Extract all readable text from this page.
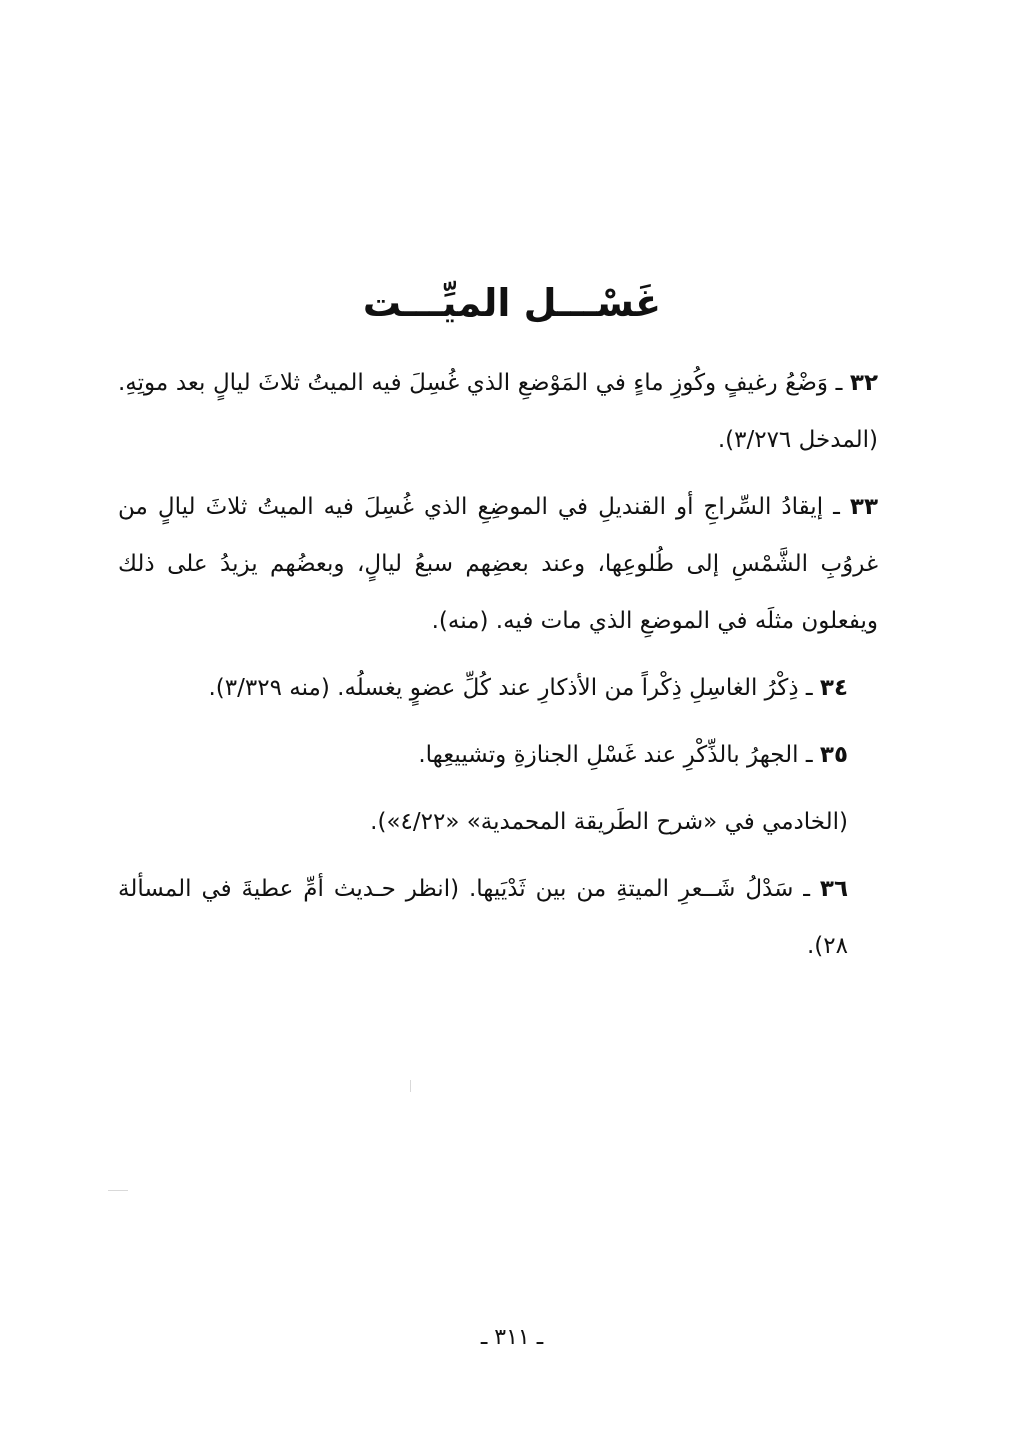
غَسْـــل الميِّـــت

٣٢ ـ وَضْعُ رغيفٍ وكُوزِ ماءٍ في المَوْضعِ الذي غُسِلَ فيه الميتُ ثلاثَ ليالٍ بعد موتِهِ. (المدخل ٣/٢٧٦).

٣٣ ـ إيقادُ السِّراجِ أو القنديلِ في الموضِعِ الذي غُسِلَ فيه الميتُ ثلاثَ ليالٍ من غروُبِ الشَّمْسِ إلى طُلوعِها، وعند بعضِهم سبعُ ليالٍ، وبعضُهم يزيدُ على ذلك ويفعلون مثلَه في الموضعِ الذي مات فيه. (منه).

٣٤ ـ ذِكْرُ الغاسِلِ ذِكْراً من الأذكارِ عند كُلِّ عضوٍ يغسلُه. (منه ٣/٣٢٩).

٣٥ ـ الجهرُ بالذِّكْرِ عند غَسْلِ الجنازةِ وتشييعِها.

(الخادمي في «شرح الطَريقة المحمدية» «٤/٢٢»).

٣٦ ـ سَدْلُ شَــعرِ الميتةِ من بين ثَدْيَيها. (انظر حـديث أمِّ عطيةَ في المسألة ٢٨).

ـ ٣١١ ـ
